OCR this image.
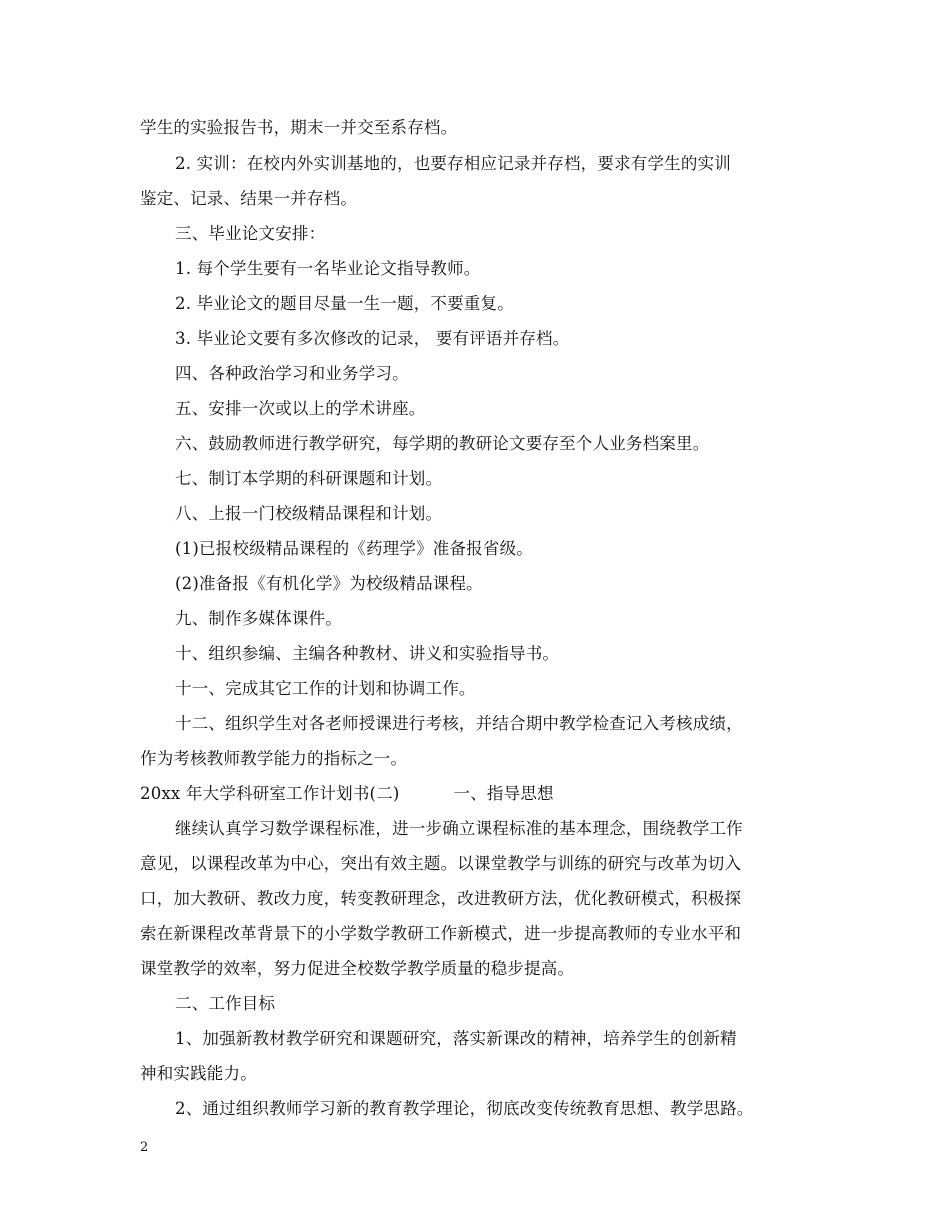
学生的实验报告书，期末一并交至系存档。
2. 实训：在校内外实训基地的，也要存相应记录并存档，要求有学生的实训
鉴定、记录、结果一并存档。
三、毕业论文安排：
1. 每个学生要有一名毕业论文指导教师。
2. 毕业论文的题目尽量一生一题，不要重复。
3. 毕业论文要有多次修改的记录， 要有评语并存档。
四、各种政治学习和业务学习。
五、安排一次或以上的学术讲座。
六、鼓励教师进行教学研究，每学期的教研论文要存至个人业务档案里。
七、制订本学期的科研课题和计划。
八、上报一门校级精品课程和计划。
(1)已报校级精品课程的《药理学》准备报省级。
(2)准备报《有机化学》为校级精品课程。
九、制作多媒体课件。
十、组织参编、主编各种教材、讲义和实验指导书。
十一、完成其它工作的计划和协调工作。
十二、组织学生对各老师授课进行考核，并结合期中教学检查记入考核成绩，
作为考核教师教学能力的指标之一。
20xx 年大学科研室工作计划书(二)	一、指导思想
继续认真学习数学课程标准，进一步确立课程标准的基本理念，围绕教学工作
意见，以课程改革为中心，突出有效主题。以课堂教学与训练的研究与改革为切入
口，加大教研、教改力度，转变教研理念，改进教研方法，优化教研模式，积极探
索在新课程改革背景下的小学数学教研工作新模式，进一步提高教师的专业水平和
课堂教学的效率，努力促进全校数学教学质量的稳步提高。
二、工作目标
1、加强新教材教学研究和课题研究，落实新课改的精神，培养学生的创新精
神和实践能力。
2、通过组织教师学习新的教育教学理论，彻底改变传统教育思想、教学思路。
2
